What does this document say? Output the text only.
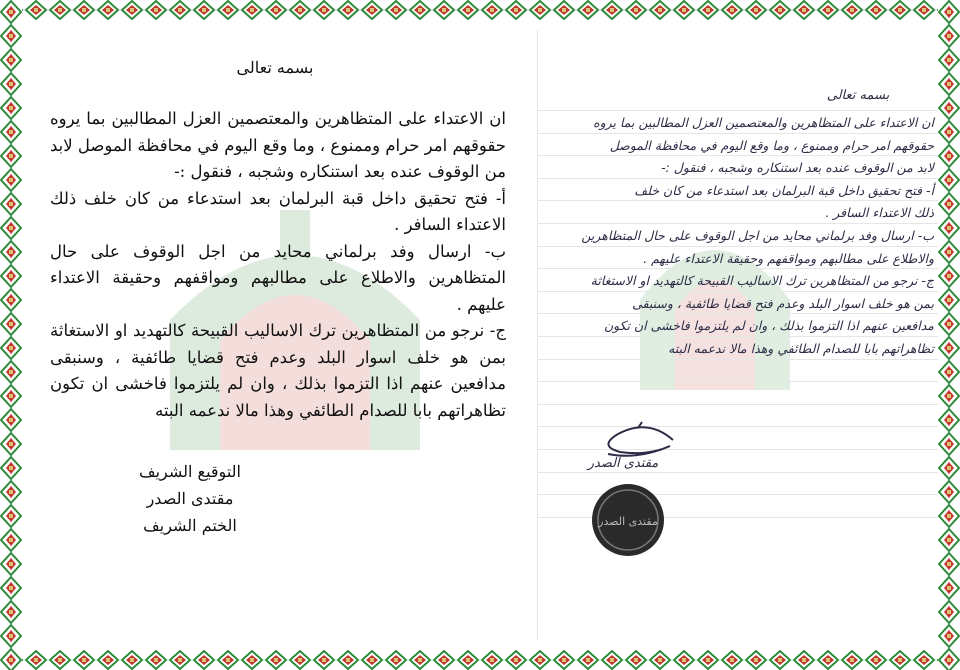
بسمه تعالى

ان الاعتداء على المتظاهرين والمعتصمين العزل المطالبين بما يروه حقوقهم امر حرام وممنوع ، وما وقع اليوم في محافظة الموصل لابد من الوقوف عنده بعد استنكاره وشجبه ، فنقول :-

أ- فتح تحقيق داخل قبة البرلمان بعد استدعاء من كان خلف ذلك الاعتداء السافر .

ب- ارسال وفد برلماني محايد من اجل الوقوف على حال المتظاهرين والاطلاع على مطالبهم ومواقفهم وحقيقة الاعتداء عليهم .

ج- نرجو من المتظاهرين ترك الاساليب القبيحة كالتهديد او الاستغاثة بمن هو خلف اسوار البلد وعدم فتح قضايا طائفية ، وسنبقى مدافعين عنهم اذا التزموا بذلك ، وان لم يلتزموا فاخشى ان تكون تظاهراتهم بابا للصدام الطائفي وهذا مالا ندعمه البته

التوقيع الشريف
مقتدى الصدر
الختم الشريف
بسمه تعالى

ان الاعتداء على المتظاهرين والمعتصمين العزل المطالبين بما يروه

حقوقهم امر حرام وممنوع ، وما وقع اليوم في محافظة الموصل

لابد من الوقوف عنده بعد استنكاره وشجبه ، فنقول :-

أ- فتح تحقيق داخل قبة البرلمان بعد استدعاء من كان خلف

ذلك الاعتداء السافر .

ب- ارسال وفد برلماني محايد من اجل الوقوف على حال المتظاهرين

والاطلاع على مطالبهم ومواقفهم وحقيقة الاعتداء عليهم .

ج- نرجو من المتظاهرين ترك الاساليب القبيحة كالتهديد او الاستغاثة

بمن هو خلف اسوار البلد وعدم فتح قضايا طائفية ، وسنبقى

مدافعين عنهم اذا التزموا بذلك ، وان لم يلتزموا فاخشى ان تكون

تظاهراتهم بابا للصدام الطائفي وهذا مالا ندعمه البته

مقتدى الصدر
مقتدى الصدر
